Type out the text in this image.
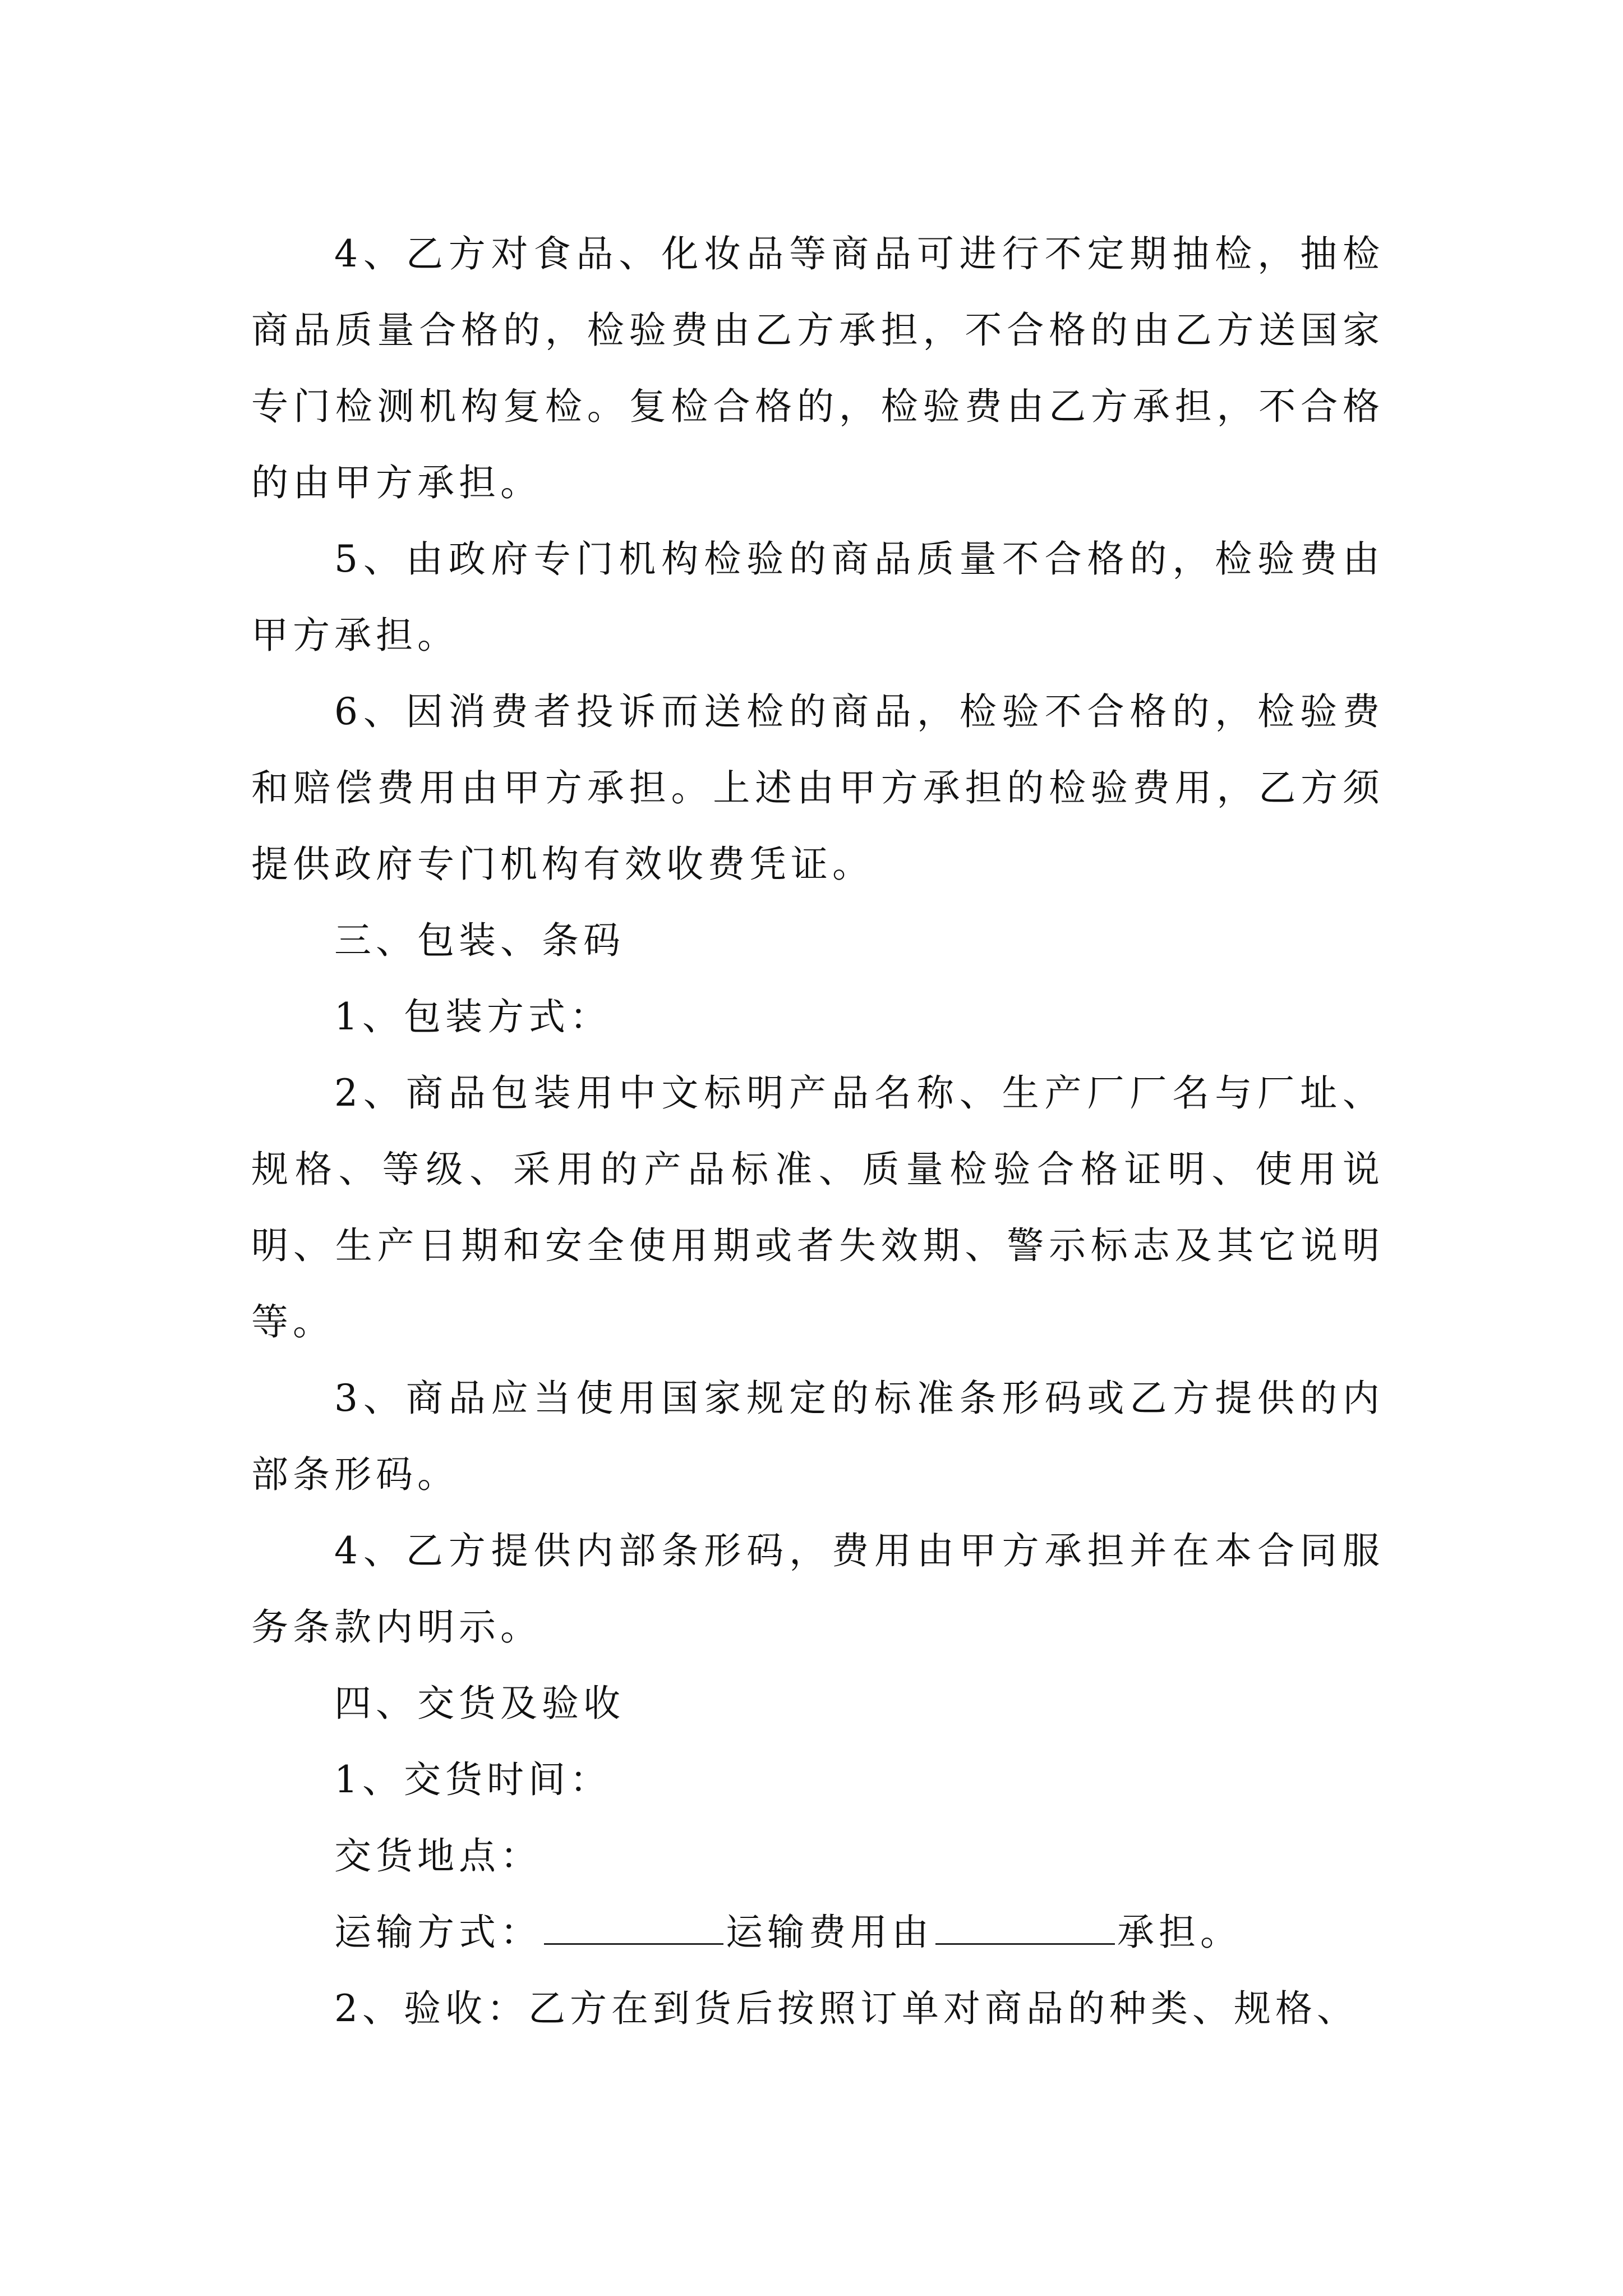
4、乙方对食品、化妆品等商品可进行不定期抽检，抽检商品质量合格的，检验费由乙方承担，不合格的由乙方送国家专门检测机构复检。复检合格的，检验费由乙方承担，不合格的由甲方承担。

5、由政府专门机构检验的商品质量不合格的，检验费由甲方承担。

6、因消费者投诉而送检的商品，检验不合格的，检验费和赔偿费用由甲方承担。上述由甲方承担的检验费用，乙方须提供政府专门机构有效收费凭证。

三、包装、条码

1、包装方式：

2、商品包装用中文标明产品名称、生产厂厂名与厂址、规格、等级、采用的产品标准、质量检验合格证明、使用说明、生产日期和安全使用期或者失效期、警示标志及其它说明等。

3、商品应当使用国家规定的标准条形码或乙方提供的内部条形码。

4、乙方提供内部条形码，费用由甲方承担并在本合同服务条款内明示。

四、交货及验收

1、交货时间：

交货地点：

运输方式：	运输费用由	承担。

2、验收：乙方在到货后按照订单对商品的种类、规格、
